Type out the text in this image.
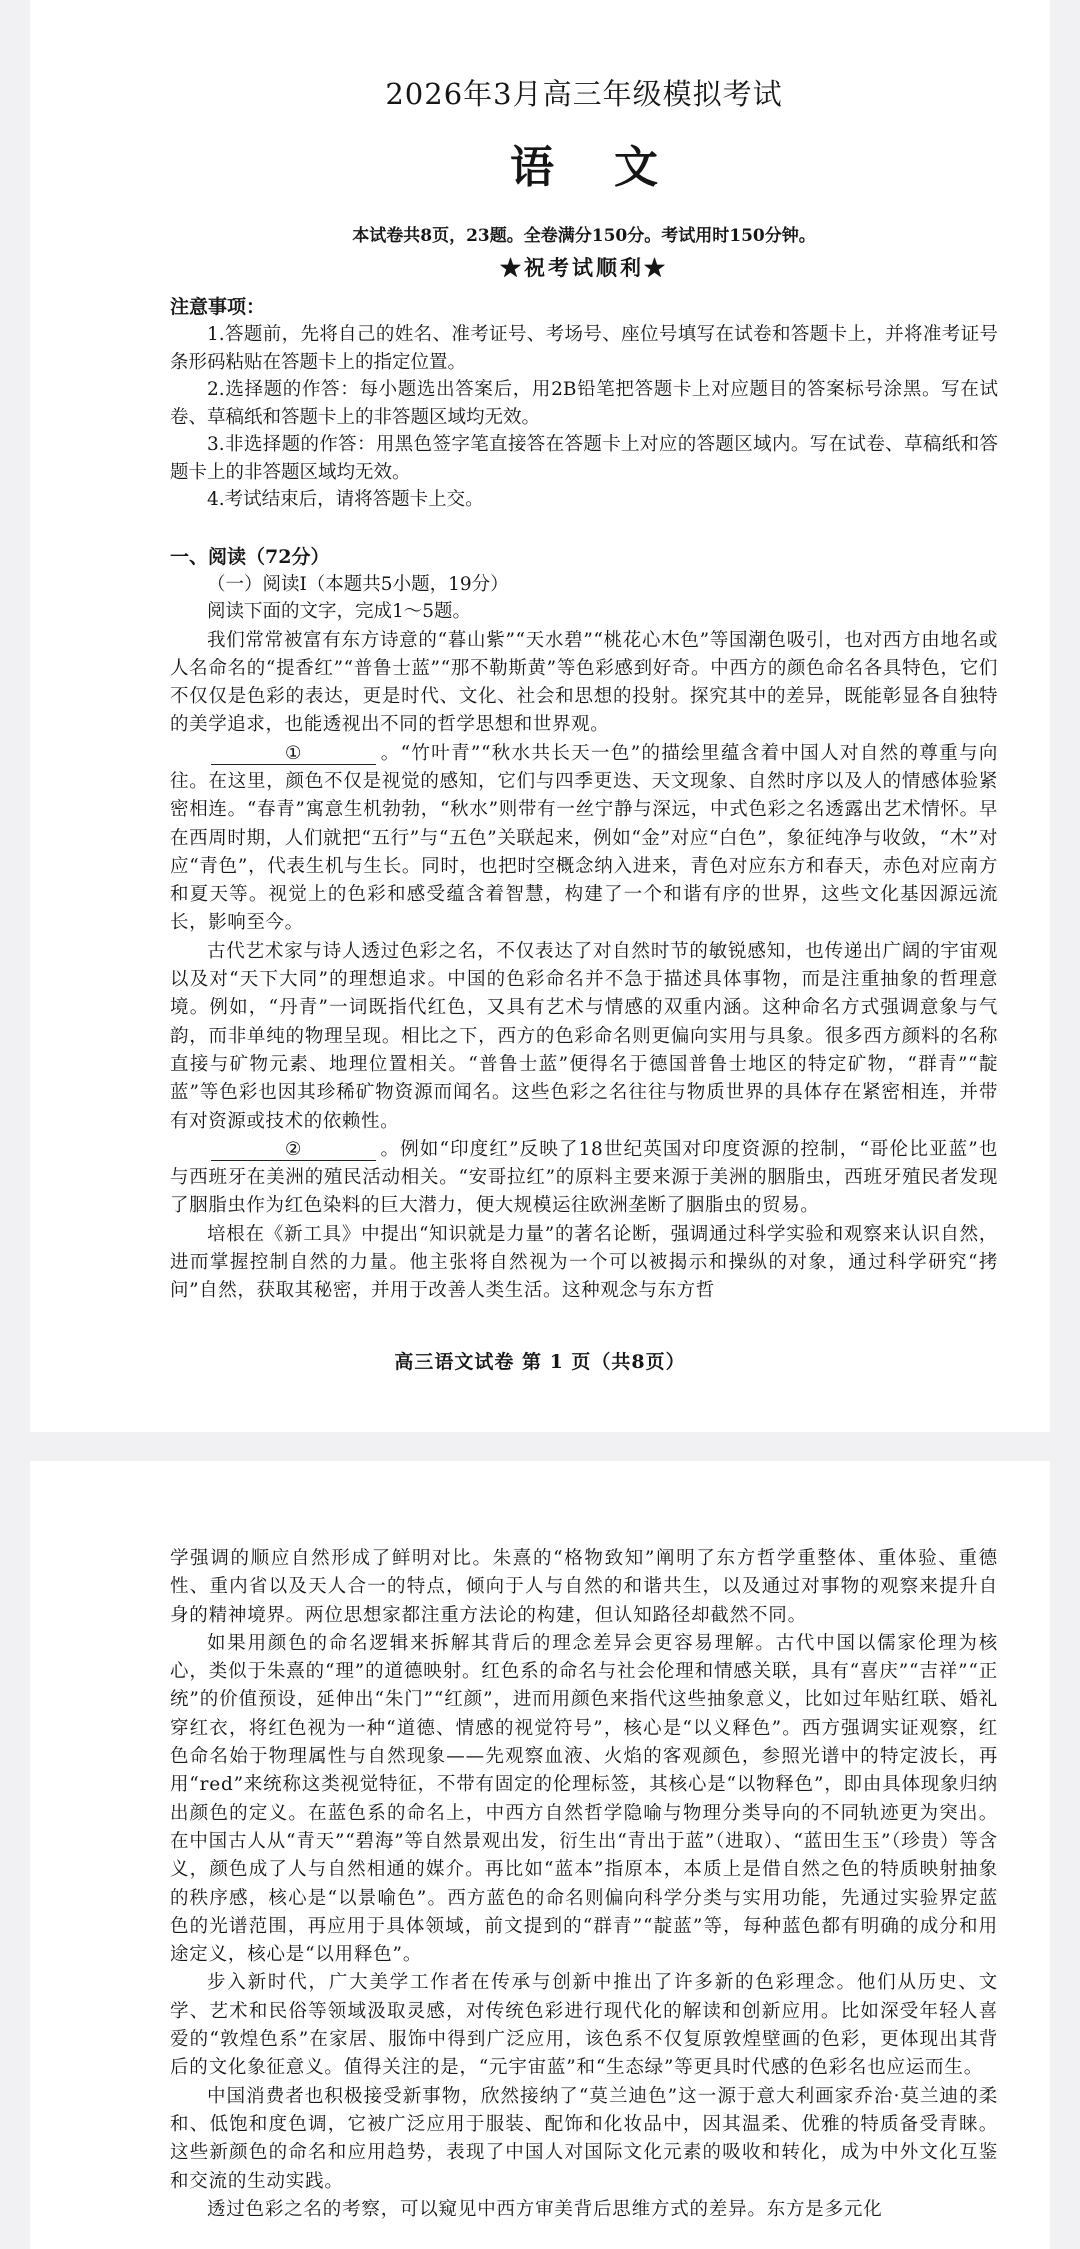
2026年3月高三年级模拟考试
语文
本试卷共8页，23题。全卷满分150分。考试用时150分钟。
★祝考试顺利★
注意事项：

1.答题前，先将自己的姓名、准考证号、考场号、座位号填写在试卷和答题卡上，并将准考证号条形码粘贴在答题卡上的指定位置。

2.选择题的作答：每小题选出答案后，用2B铅笔把答题卡上对应题目的答案标号涂黑。写在试卷、草稿纸和答题卡上的非答题区域均无效。

3.非选择题的作答：用黑色签字笔直接答在答题卡上对应的答题区域内。写在试卷、草稿纸和答题卡上的非答题区域均无效。

4.考试结束后，请将答题卡上交。

一、阅读（72分）

（一）阅读Ⅰ（本题共5小题，19分）

阅读下面的文字，完成1～5题。

我们常常被富有东方诗意的“暮山紫”“天水碧”“桃花心木色”等国潮色吸引，也对西方由地名或人名命名的“提香红”“普鲁士蓝”“那不勒斯黄”等色彩感到好奇。中西方的颜色命名各具特色，它们不仅仅是色彩的表达，更是时代、文化、社会和思想的投射。探究其中的差异，既能彰显各自独特的美学追求，也能透视出不同的哲学思想和世界观。

①	。“竹叶青”“秋水共长天一色”的描绘里蕴含着中国人对自然的尊重与向往。在这里，颜色不仅是视觉的感知，它们与四季更迭、天文现象、自然时序以及人的情感体验紧密相连。“春青”寓意生机勃勃，“秋水”则带有一丝宁静与深远，中式色彩之名透露出艺术情怀。早在西周时期，人们就把“五行”与“五色”关联起来，例如“金”对应“白色”，象征纯净与收敛，“木”对应“青色”，代表生机与生长。同时，也把时空概念纳入进来，青色对应东方和春天，赤色对应南方和夏天等。视觉上的色彩和感受蕴含着智慧，构建了一个和谐有序的世界，这些文化基因源远流长，影响至今。

古代艺术家与诗人透过色彩之名，不仅表达了对自然时节的敏锐感知，也传递出广阔的宇宙观以及对“天下大同”的理想追求。中国的色彩命名并不急于描述具体事物，而是注重抽象的哲理意境。例如，“丹青”一词既指代红色，又具有艺术与情感的双重内涵。这种命名方式强调意象与气韵，而非单纯的物理呈现。相比之下，西方的色彩命名则更偏向实用与具象。很多西方颜料的名称直接与矿物元素、地理位置相关。“普鲁士蓝”便得名于德国普鲁士地区的特定矿物，“群青”“靛蓝”等色彩也因其珍稀矿物资源而闻名。这些色彩之名往往与物质世界的具体存在紧密相连，并带有对资源或技术的依赖性。

②	。例如“印度红”反映了18世纪英国对印度资源的控制，“哥伦比亚蓝”也与西班牙在美洲的殖民活动相关。“安哥拉红”的原料主要来源于美洲的胭脂虫，西班牙殖民者发现了胭脂虫作为红色染料的巨大潜力，便大规模运往欧洲垄断了胭脂虫的贸易。

培根在《新工具》中提出“知识就是力量”的著名论断，强调通过科学实验和观察来认识自然，进而掌握控制自然的力量。他主张将自然视为一个可以被揭示和操纵的对象，通过科学研究“拷问”自然，获取其秘密，并用于改善人类生活。这种观念与东方哲

高三语文试卷 第 1 页（共8页）

学强调的顺应自然形成了鲜明对比。朱熹的“格物致知”阐明了东方哲学重整体、重体验、重德性、重内省以及天人合一的特点，倾向于人与自然的和谐共生，以及通过对事物的观察来提升自身的精神境界。两位思想家都注重方法论的构建，但认知路径却截然不同。

如果用颜色的命名逻辑来拆解其背后的理念差异会更容易理解。古代中国以儒家伦理为核心，类似于朱熹的“理”的道德映射。红色系的命名与社会伦理和情感关联，具有“喜庆”“吉祥”“正统”的价值预设，延伸出“朱门”“红颜”，进而用颜色来指代这些抽象意义，比如过年贴红联、婚礼穿红衣，将红色视为一种“道德、情感的视觉符号”，核心是“以义释色”。西方强调实证观察，红色命名始于物理属性与自然现象——先观察血液、火焰的客观颜色，参照光谱中的特定波长，再用“red”来统称这类视觉特征，不带有固定的伦理标签，其核心是“以物释色”，即由具体现象归纳出颜色的定义。在蓝色系的命名上，中西方自然哲学隐喻与物理分类导向的不同轨迹更为突出。在中国古人从“青天”“碧海”等自然景观出发，衍生出“青出于蓝”（进取）、“蓝田生玉”（珍贵）等含义，颜色成了人与自然相通的媒介。再比如“蓝本”指原本，本质上是借自然之色的特质映射抽象的秩序感，核心是“以景喻色”。西方蓝色的命名则偏向科学分类与实用功能，先通过实验界定蓝色的光谱范围，再应用于具体领域，前文提到的“群青”“靛蓝”等，每种蓝色都有明确的成分和用途定义，核心是“以用释色”。

步入新时代，广大美学工作者在传承与创新中推出了许多新的色彩理念。他们从历史、文学、艺术和民俗等领域汲取灵感，对传统色彩进行现代化的解读和创新应用。比如深受年轻人喜爱的“敦煌色系”在家居、服饰中得到广泛应用，该色系不仅复原敦煌壁画的色彩，更体现出其背后的文化象征意义。值得关注的是，“元宇宙蓝”和“生态绿”等更具时代感的色彩名也应运而生。

中国消费者也积极接受新事物，欣然接纳了“莫兰迪色”这一源于意大利画家乔治·莫兰迪的柔和、低饱和度色调，它被广泛应用于服装、配饰和化妆品中，因其温柔、优雅的特质备受青睐。这些新颜色的命名和应用趋势，表现了中国人对国际文化元素的吸收和转化，成为中外文化互鉴和交流的生动实践。

透过色彩之名的考察，可以窥见中西方审美背后思维方式的差异。东方是多元化
